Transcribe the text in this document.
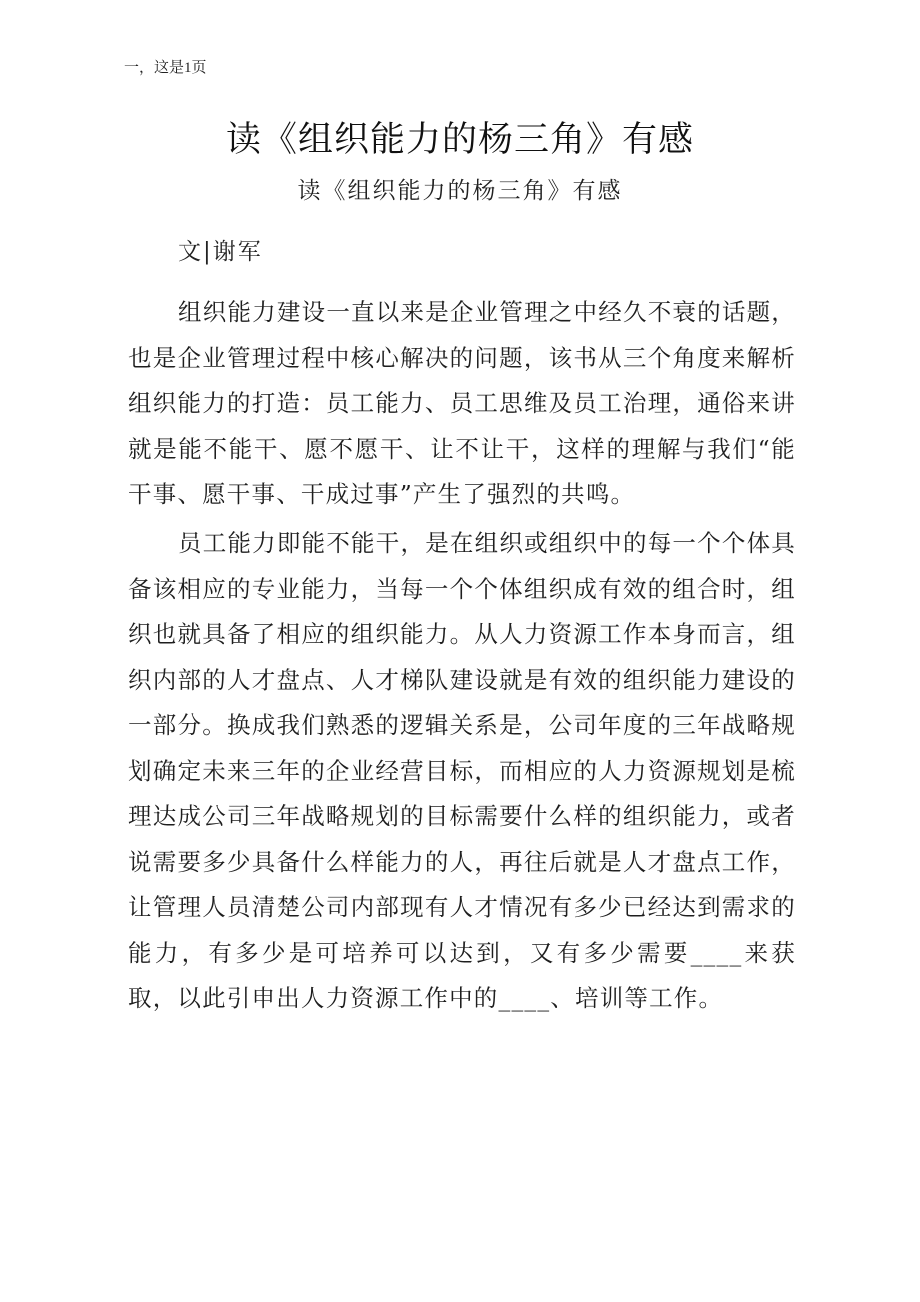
一，这是1页
读《组织能力的杨三角》有感
读《组织能力的杨三角》有感
文|谢军

组织能力建设一直以来是企业管理之中经久不衰的话题，也是企业管理过程中核心解决的问题，该书从三个角度来解析组织能力的打造：员工能力、员工思维及员工治理，通俗来讲就是能不能干、愿不愿干、让不让干，这样的理解与我们“能干事、愿干事、干成过事”产生了强烈的共鸣。

员工能力即能不能干，是在组织或组织中的每一个个体具备该相应的专业能力，当每一个个体组织成有效的组合时，组织也就具备了相应的组织能力。从人力资源工作本身而言，组织内部的人才盘点、人才梯队建设就是有效的组织能力建设的一部分。换成我们熟悉的逻辑关系是，公司年度的三年战略规划确定未来三年的企业经营目标，而相应的人力资源规划是梳理达成公司三年战略规划的目标需要什么样的组织能力，或者说需要多少具备什么样能力的人，再往后就是人才盘点工作，让管理人员清楚公司内部现有人才情况有多少已经达到需求的能力，有多少是可培养可以达到，又有多少需要____来获取，以此引申出人力资源工作中的____、培训等工作。
